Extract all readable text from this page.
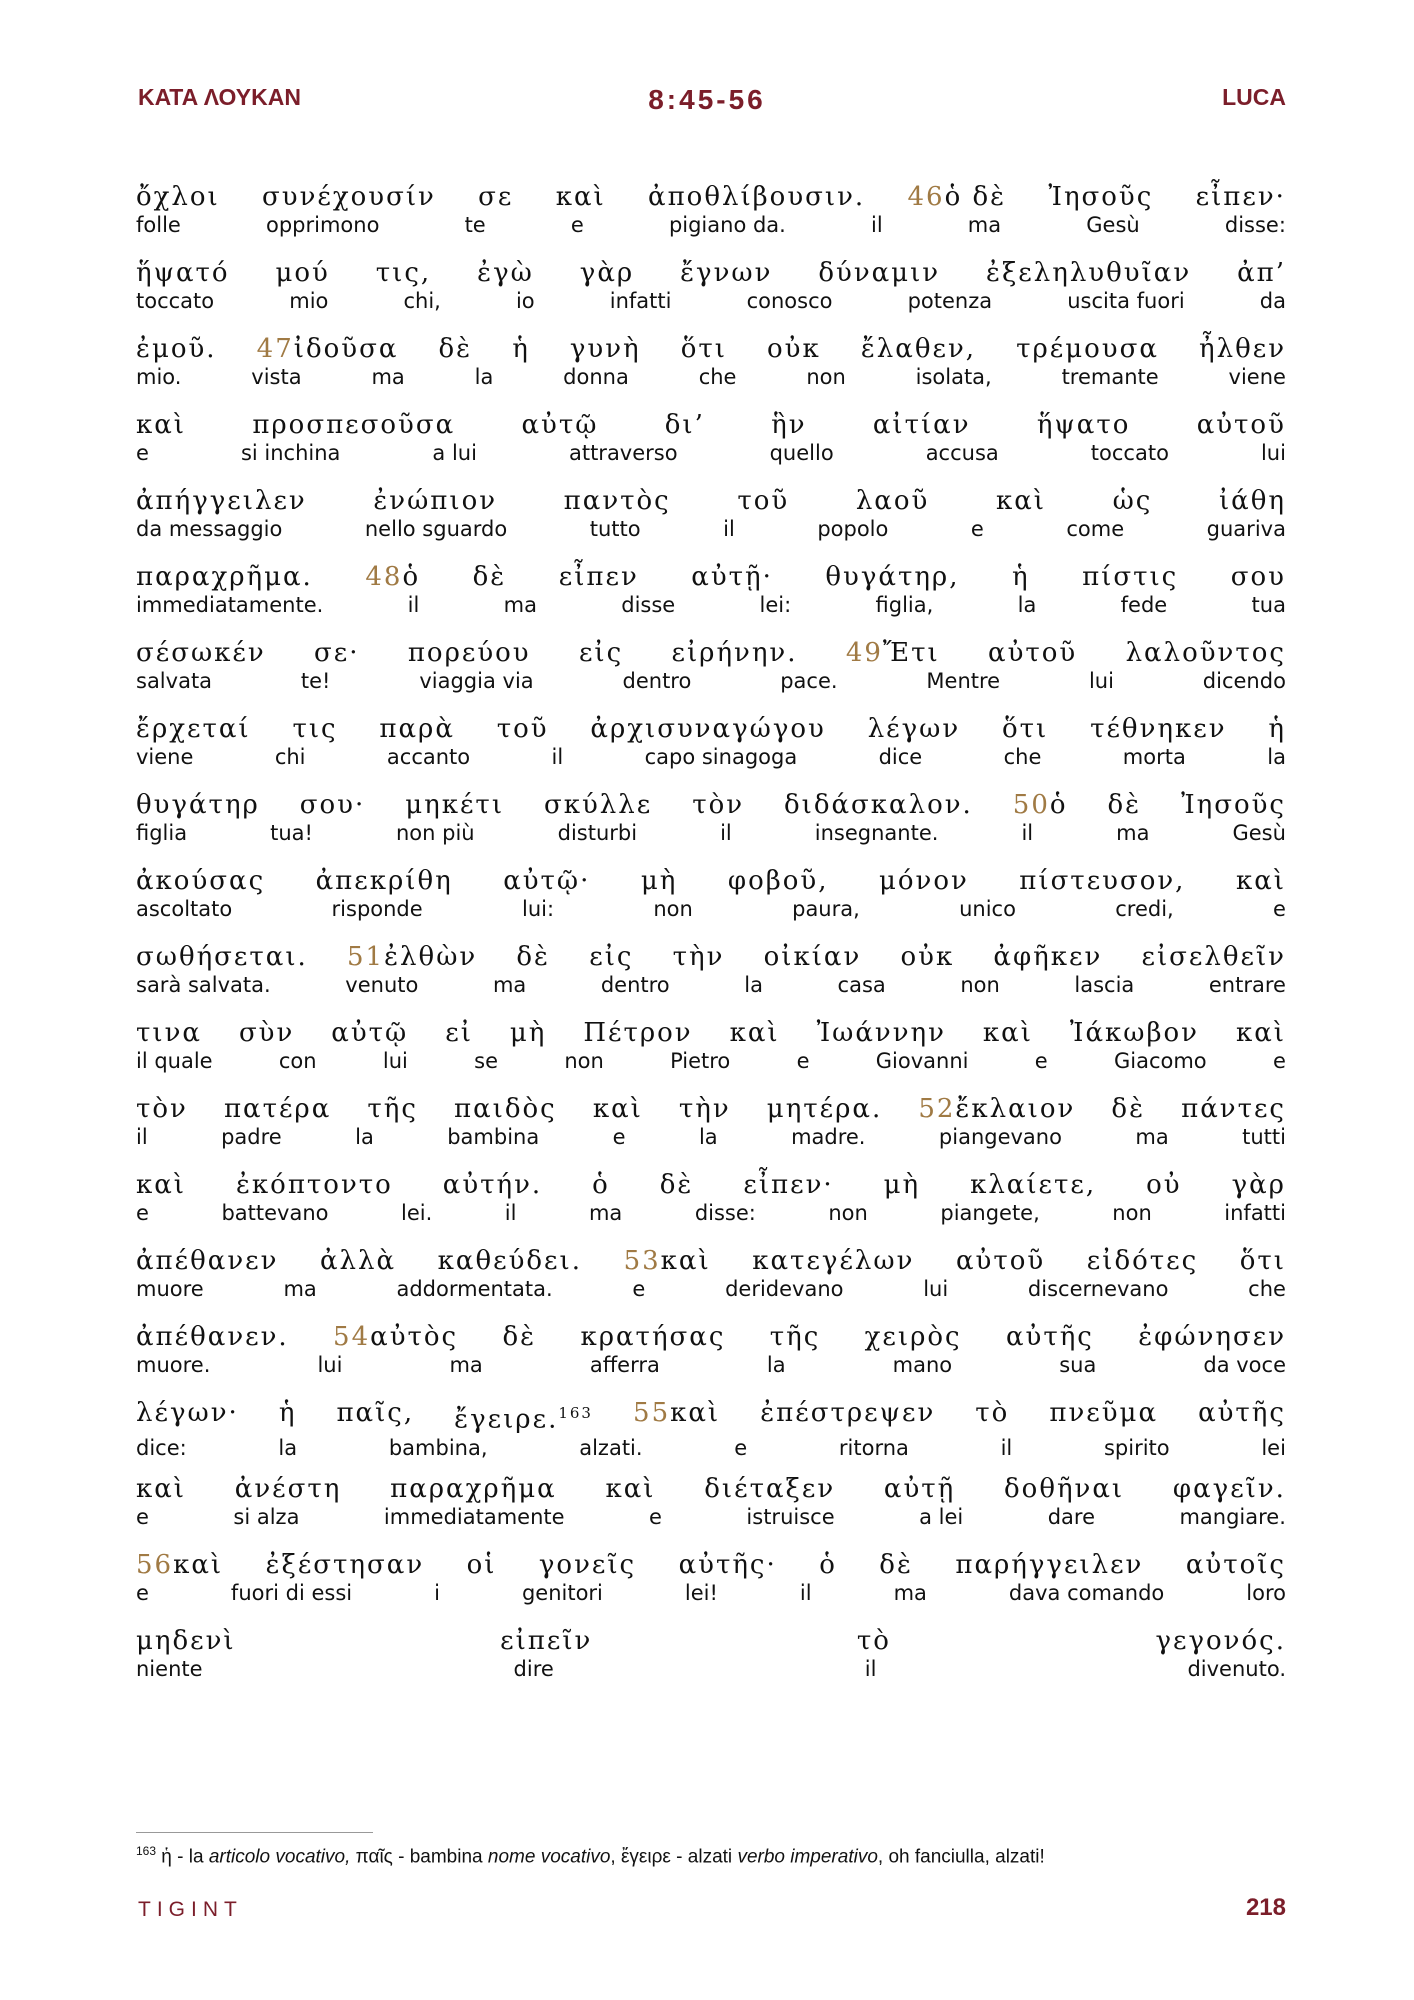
ΚΑΤΑ ΛΟΥΚΑΝ	8:45-56	LUCA
ὄχλοι συνέχουσίν σε καὶ ἀποθλίβουσιν. 46ὁ δὲ Ἰησοῦς εἶπεν·
folle	opprimono	te	e	pigiano da.	il	ma	Gesù	disse:
ἥψατό μού τις, ἐγὼ γὰρ ἔγνων δύναμιν ἐξεληλυθυῖαν ἀπ’
toccato	mio	chi,	io	infatti	conosco	potenza	uscita fuori	da
ἐμοῦ. 47ἰδοῦσα δὲ ἡ γυνὴ ὅτι οὐκ ἔλαθεν, τρέμουσα ἦλθεν
mio.	vista	ma	la	donna	che	non	isolata,	tremante	viene
καὶ	προσπεσοῦσα	αὐτῷ	δι’	ἣν	αἰτίαν	ἥψατο	αὐτοῦ
e	si inchina	a lui	attraverso	quello	accusa	toccato	lui
ἀπήγγειλεν	ἐνώπιον	παντὸς	τοῦ	λαοῦ	καὶ	ὡς	ἰάθη
da messaggio	nello sguardo	tutto	il	popolo	e	come	guariva
παραχρῆμα. 48ὁ δὲ εἶπεν αὐτῇ· θυγάτηρ, ἡ πίστις σου
immediatamente.	il	ma	disse	lei:	figlia,	la	fede	tua
σέσωκέν σε· πορεύου εἰς εἰρήνην. 49Ἔτι αὐτοῦ λαλοῦντος
salvata	te!	viaggia via	dentro	pace.	Mentre	lui	dicendo
ἔρχεταί τις παρὰ τοῦ ἀρχισυναγώγου λέγων ὅτι τέθνηκεν ἡ
viene	chi	accanto	il	capo sinagoga	dice	che	morta	la
θυγάτηρ σου· μηκέτι σκύλλε τὸν διδάσκαλον. 50ὁ δὲ Ἰησοῦς
figlia	tua!	non più	disturbi	il	insegnante.	il	ma	Gesù
ἀκούσας ἀπεκρίθη αὐτῷ· μὴ φοβοῦ, μόνον πίστευσον, καὶ
ascoltato	risponde	lui:	non	paura,	unico	credi,	e
σωθήσεται. 51ἐλθὼν δὲ εἰς τὴν οἰκίαν οὐκ ἀφῆκεν εἰσελθεῖν
sarà salvata.	venuto	ma	dentro	la	casa	non	lascia	entrare
τινα σὺν αὐτῷ εἰ μὴ Πέτρον καὶ Ἰωάννην καὶ Ἰάκωβον καὶ
il quale	con	lui	se	non	Pietro	e	Giovanni	e	Giacomo	e
τὸν πατέρα τῆς παιδὸς καὶ τὴν μητέρα. 52ἔκλαιον δὲ πάντες
il	padre	la	bambina	e	la	madre.	piangevano	ma	tutti
καὶ ἐκόπτοντο αὐτήν. ὁ δὲ εἶπεν· μὴ κλαίετε, οὐ γὰρ
e	battevano	lei.	il	ma	disse:	non	piangete,	non	infatti
ἀπέθανεν ἀλλὰ καθεύδει. 53καὶ κατεγέλων αὐτοῦ εἰδότες ὅτι
muore	ma	addormentata.	e	deridevano	lui	discernevano	che
ἀπέθανεν. 54αὐτὸς δὲ κρατήσας τῆς χειρὸς αὐτῆς ἐφώνησεν
muore.	lui	ma	afferra	la	mano	sua	da voce
λέγων· ἡ παῖς, ἔγειρε.$^{163}$ 55καὶ ἐπέστρεψεν τὸ πνεῦμα αὐτῆς
dice:	la	bambina,	alzati.	e	ritorna	il	spirito	lei
καὶ ἀνέστη παραχρῆμα καὶ διέταξεν αὐτῇ δοθῆναι φαγεῖν.
e	si alza	immediatamente	e	istruisce	a lei	dare	mangiare.
56καὶ ἐξέστησαν οἱ γονεῖς αὐτῆς· ὁ δὲ παρήγγειλεν αὐτοῖς
e	fuori di essi	i	genitori	lei!	il	ma	dava comando	loro
μηδενὶ	εἰπεῖν	τὸ	γεγονός.
niente	dire	il	divenuto.
$^{163}$ ἡ - la articolo vocativo, παῖς - bambina nome vocativo, ἔγειρε - alzati verbo imperativo, oh fanciulla, alzati!
TIGINT	218
